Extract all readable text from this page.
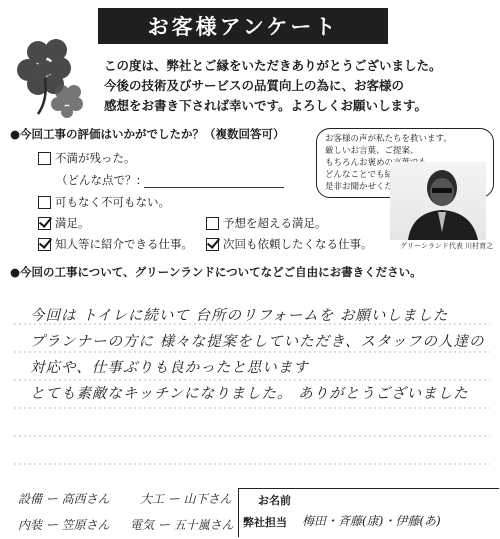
お客様アンケート
この度は、弊社とご縁をいただきありがとうございました。
今後の技術及びサービスの品質向上の為に、お客様の
感想をお書き下されば幸いです。よろしくお願いします。
●今回工事の評価はいかがでしたか？（複数回答可）
不満が残った。
（どんな点で？:
可もなく不可もない。
満足。	予想を超える満足。
知人等に紹介できる仕事。	次回も依頼したくなる仕事。
お客様の声が私たちを救います。
厳しいお言葉、ご提案、
もちろんお褒めの言葉でも
どんなことでも結構です。
是非お聞かせください。
グリーンランド代表 川村育之
●今回の工事について、グリーンランドについてなどご自由にお書きください。
今回は トイレに続いて 台所のリフォームを お願いしました
プランナーの方に 様々な提案をしていただき、スタッフの人達の
対応や、仕事ぶりも良かったと思います
とても素敵なキッチンになりました。 ありがとうございました
設備 ー 高西さん	大工 ー 山下さん
内装 ー 笠原さん 電気 ー 五十嵐さん
お名前
弊社担当 梅田・斉藤(康)・伊藤(あ)
